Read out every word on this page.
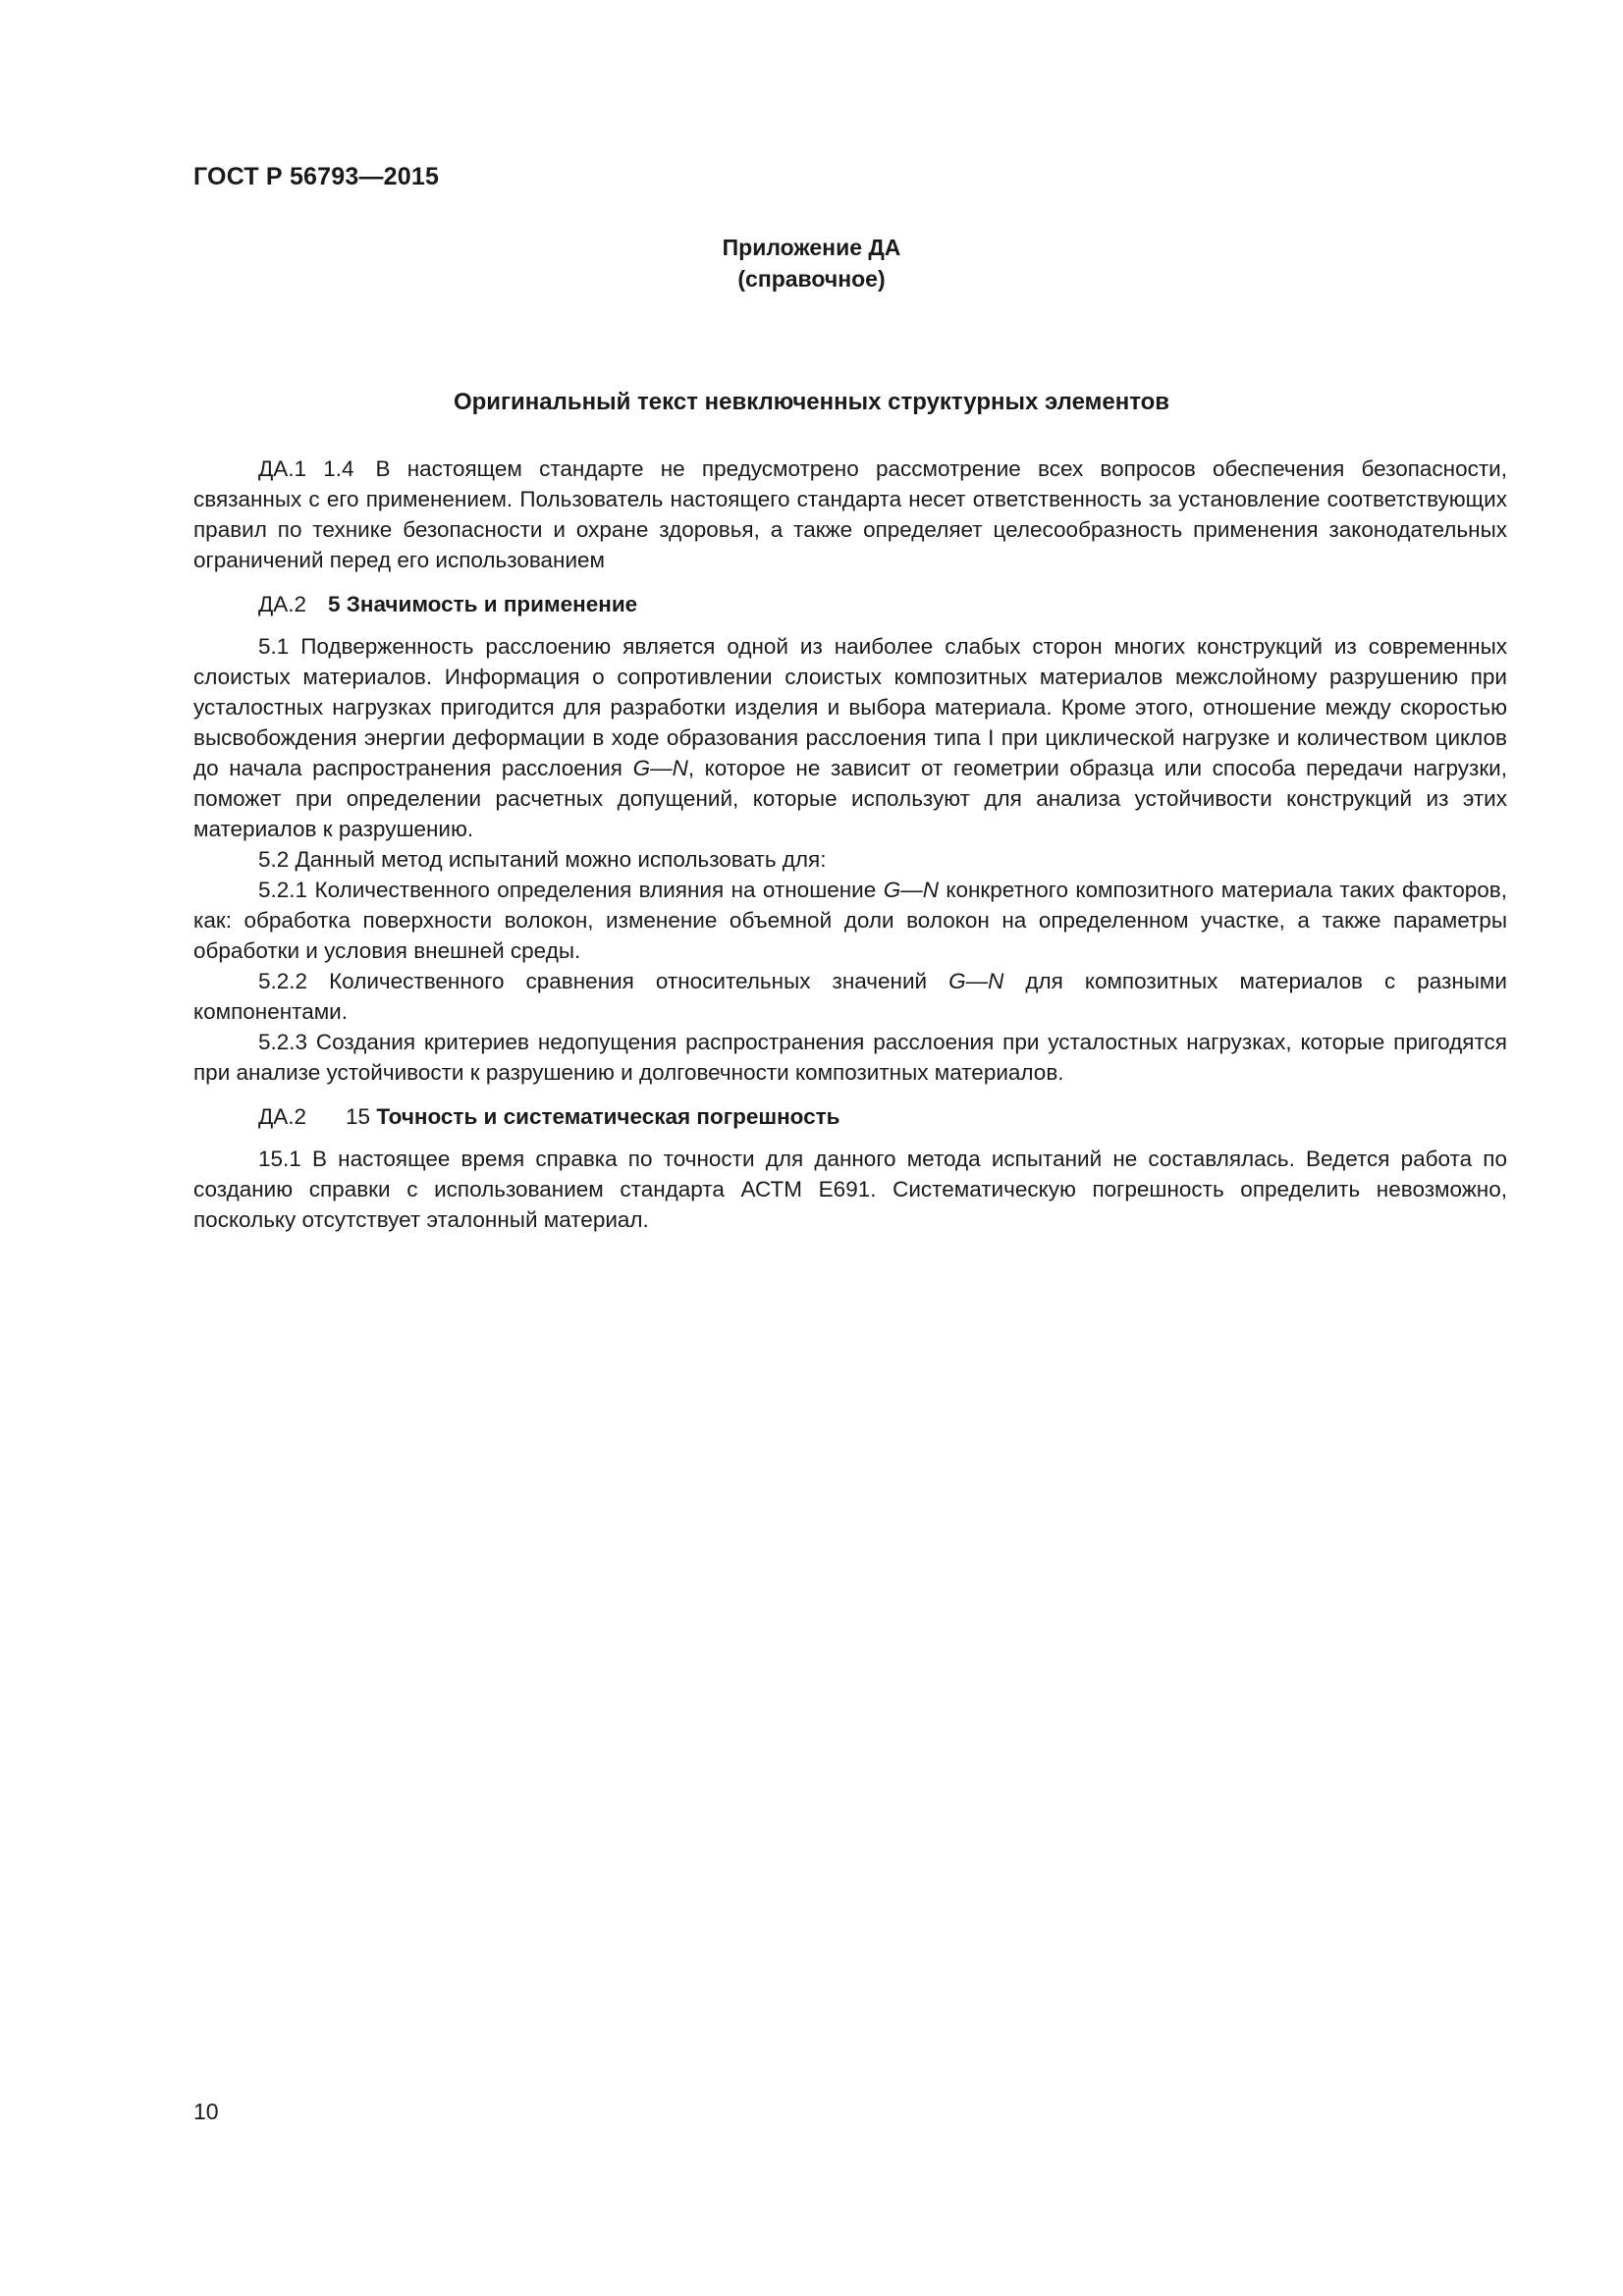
ГОСТ Р 56793—2015
Приложение ДА
(справочное)
Оригинальный текст невключенных структурных элементов

ДА.1 1.4 В настоящем стандарте не предусмотрено рассмотрение всех вопросов обеспечения безопасности, связанных с его применением. Пользователь настоящего стандарта несет ответственность за установление соответствующих правил по технике безопасности и охране здоровья, а также определяет целесообразность применения законодательных ограничений перед его использованием

ДА.2 5 Значимость и применение

5.1 Подверженность расслоению является одной из наиболее слабых сторон многих конструкций из современных слоистых материалов. Информация о сопротивлении слоистых композитных материалов межслойному разрушению при усталостных нагрузках пригодится для разработки изделия и выбора материала. Кроме этого, отношение между скоростью высвобождения энергии деформации в ходе образования расслоения типа I при циклической нагрузке и количеством циклов до начала распространения расслоения G—N, которое не зависит от геометрии образца или способа передачи нагрузки, поможет при определении расчетных допущений, которые используют для анализа устойчивости конструкций из этих материалов к разрушению.

5.2 Данный метод испытаний можно использовать для:

5.2.1 Количественного определения влияния на отношение G—N конкретного композитного материала таких факторов, как: обработка поверхности волокон, изменение объемной доли волокон на определенном участке, а также параметры обработки и условия внешней среды.

5.2.2 Количественного сравнения относительных значений G—N для композитных материалов с разными компонентами.

5.2.3 Создания критериев недопущения распространения расслоения при усталостных нагрузках, которые пригодятся при анализе устойчивости к разрушению и долговечности композитных материалов.

ДА.2 15 Точность и систематическая погрешность

15.1 В настоящее время справка по точности для данного метода испытаний не составлялась. Ведется работа по созданию справки с использованием стандарта АСТМ Е691. Систематическую погрешность определить невозможно, поскольку отсутствует эталонный материал.

10
